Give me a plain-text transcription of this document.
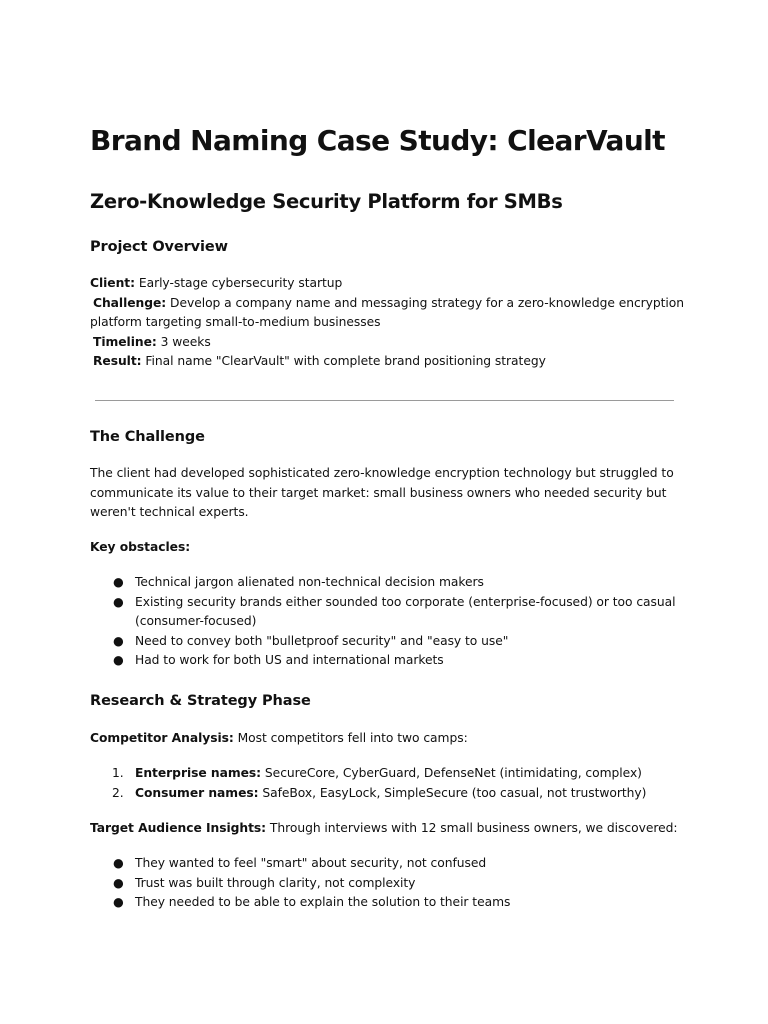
Brand Naming Case Study: ClearVault
Zero-Knowledge Security Platform for SMBs
Project Overview
Client: Early-stage cybersecurity startup
Challenge: Develop a company name and messaging strategy for a zero-knowledge encryption
platform targeting small-to-medium businesses
Timeline: 3 weeks
Result: Final name "ClearVault" with complete brand positioning strategy
The Challenge
The client had developed sophisticated zero-knowledge encryption technology but struggled to
communicate its value to their target market: small business owners who needed security but
weren't technical experts.
Key obstacles:
● Technical jargon alienated non-technical decision makers
● Existing security brands either sounded too corporate (enterprise-focused) or too casual
(consumer-focused)
● Need to convey both "bulletproof security" and "easy to use"
● Had to work for both US and international markets
Research & Strategy Phase
Competitor Analysis: Most competitors fell into two camps:
1. Enterprise names: SecureCore, CyberGuard, DefenseNet (intimidating, complex)
2. Consumer names: SafeBox, EasyLock, SimpleSecure (too casual, not trustworthy)
Target Audience Insights: Through interviews with 12 small business owners, we discovered:
● They wanted to feel "smart" about security, not confused
● Trust was built through clarity, not complexity
● They needed to be able to explain the solution to their teams
